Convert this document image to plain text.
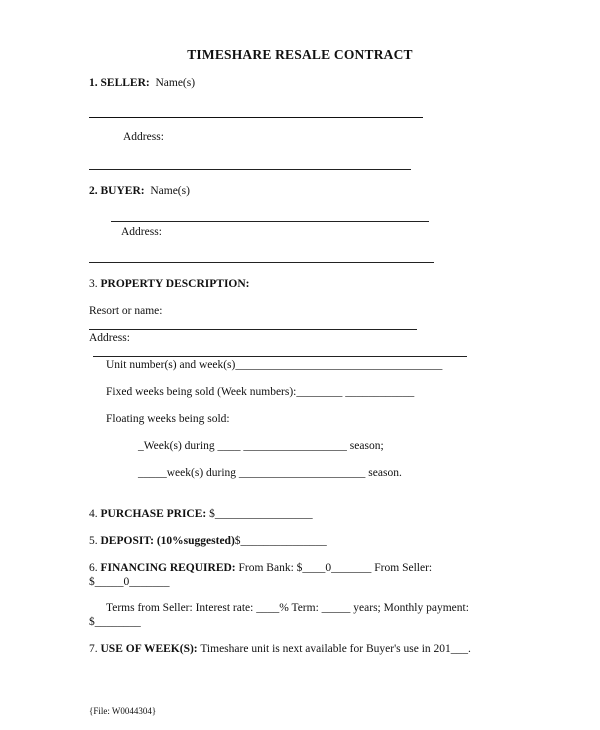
TIMESHARE RESALE CONTRACT
1. SELLER: Name(s)
Address:
2. BUYER: Name(s)
Address:
3. PROPERTY DESCRIPTION:
Resort or name:
Address:
Unit number(s) and week(s)____________________________________
Fixed weeks being sold (Week numbers):________ ____________
Floating weeks being sold:
_Week(s) during ____ __________________ season;
_____week(s) during ______________________ season.
4. PURCHASE PRICE: $_________________
5. DEPOSIT: (10%suggested)$_______________
6. FINANCING REQUIRED: From Bank: $____0_______ From Seller:
$_____0_______
Terms from Seller: Interest rate: ____% Term: _____ years; Monthly payment:
$________
7. USE OF WEEK(S): Timeshare unit is next available for Buyer's use in 201___.
{File: W0044304}
